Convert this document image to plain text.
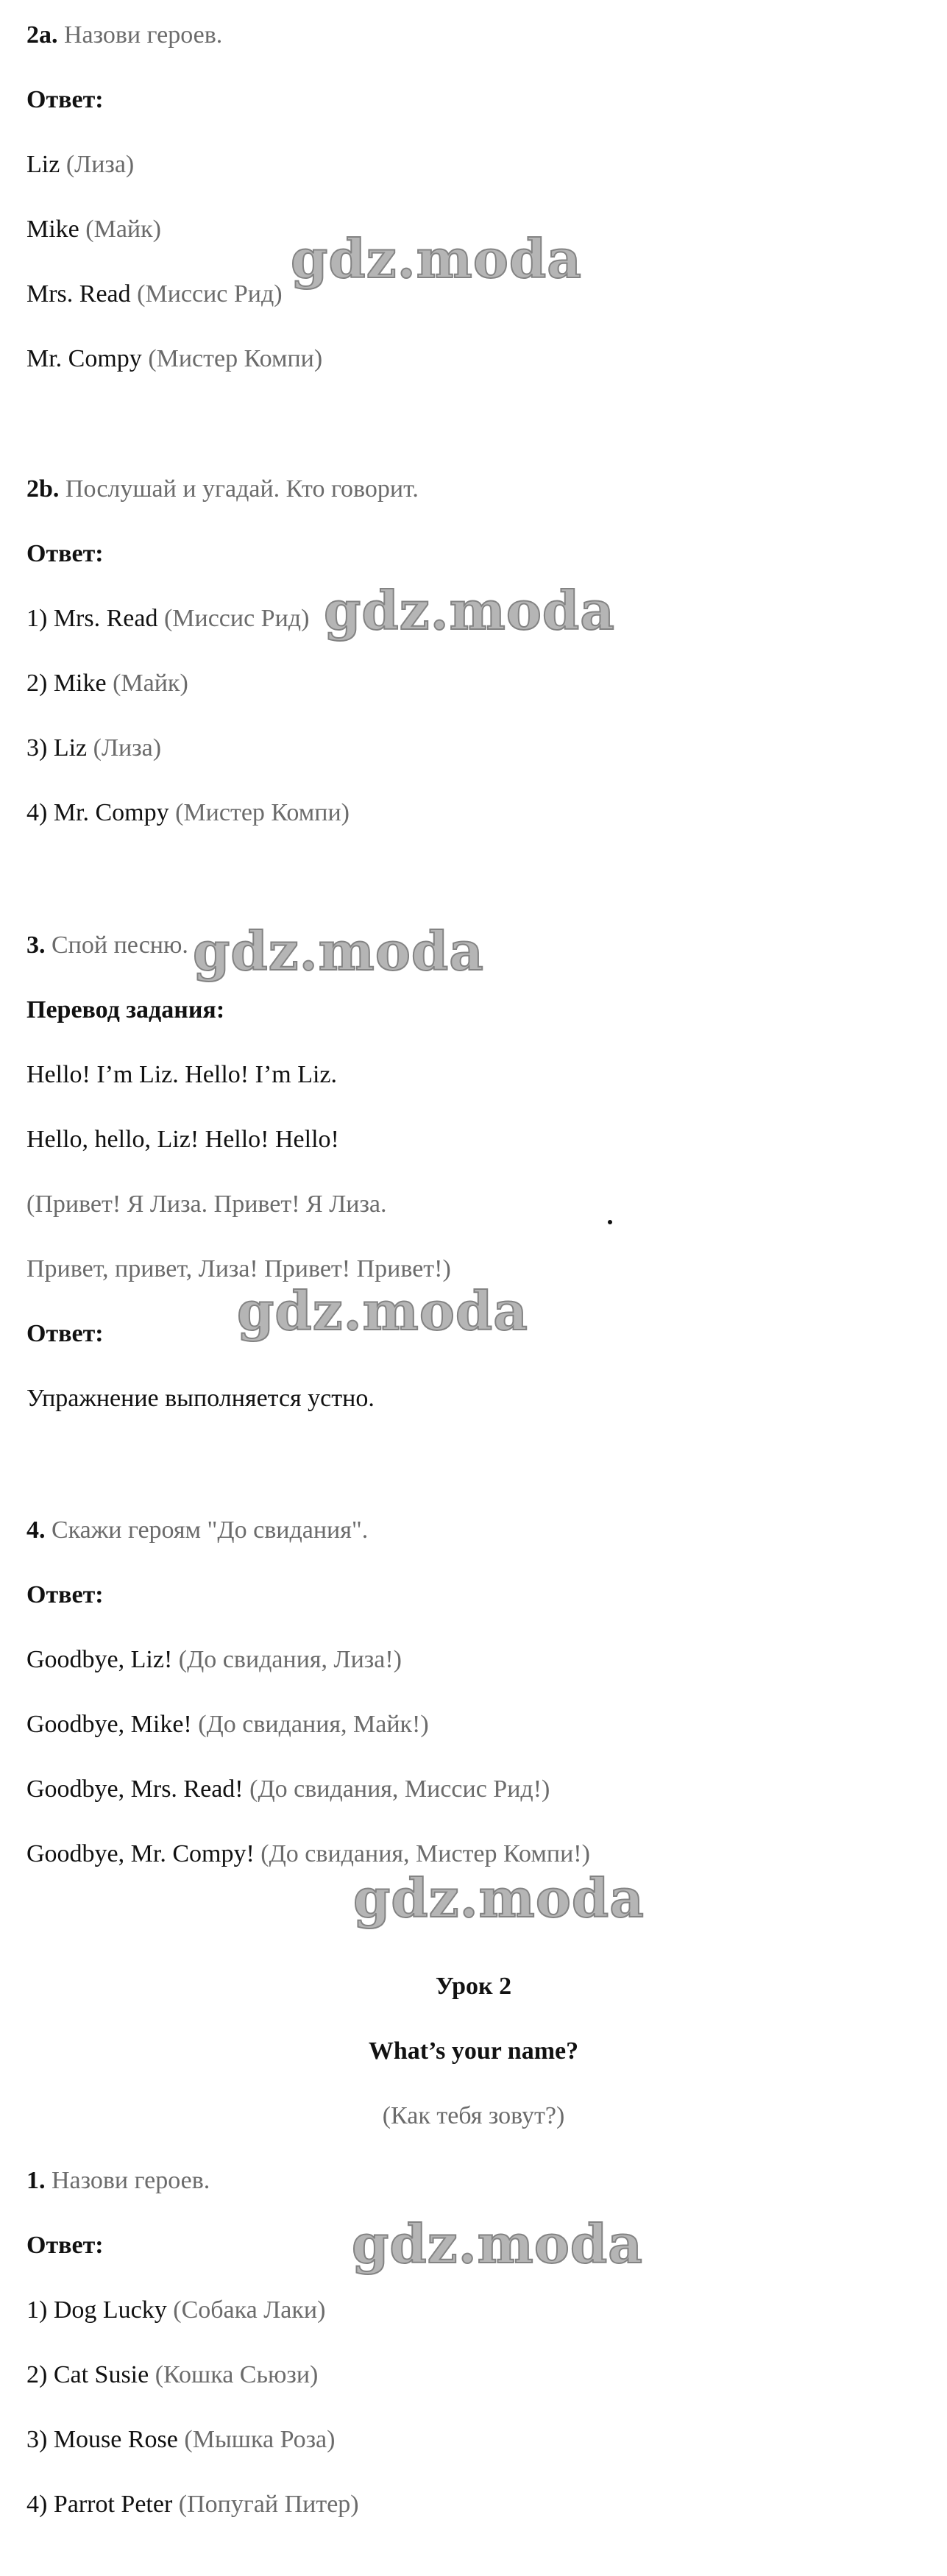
2a. Назови героев.
Ответ:
Liz (Лиза)
Mike (Майк)
Mrs. Read (Миссис Рид)
Mr. Compy (Мистер Компи)
gdz.moda
2b. Послушай и угадай. Кто говорит.
Ответ:
1) Mrs. Read (Миссис Рид)
2) Mike (Майк)
3) Liz (Лиза)
4) Mr. Compy (Мистер Компи)
gdz.moda
3. Спой песню.
Перевод задания:
Hello! I’m Liz. Hello! I’m Liz.
Hello, hello, Liz! Hello! Hello!
(Привет! Я Лиза. Привет! Я Лиза.
Привет, привет, Лиза! Привет! Привет!)
Ответ:
Упражнение выполняется устно.
gdz.moda
gdz.moda
4. Скажи героям "До свидания".
Ответ:
Goodbye, Liz! (До свидания, Лиза!)
Goodbye, Mike! (До свидания, Майк!)
Goodbye, Mrs. Read! (До свидания, Миссис Рид!)
Goodbye, Mr. Compy! (До свидания, Мистер Компи!)
gdz.moda
Урок 2
What’s your name?
(Как тебя зовут?)
1. Назови героев.
Ответ:
1) Dog Lucky (Собака Лаки)
2) Cat Susie (Кошка Сьюзи)
3) Mouse Rose (Мышка Роза)
4) Parrot Peter (Попугай Питер)
gdz.moda
